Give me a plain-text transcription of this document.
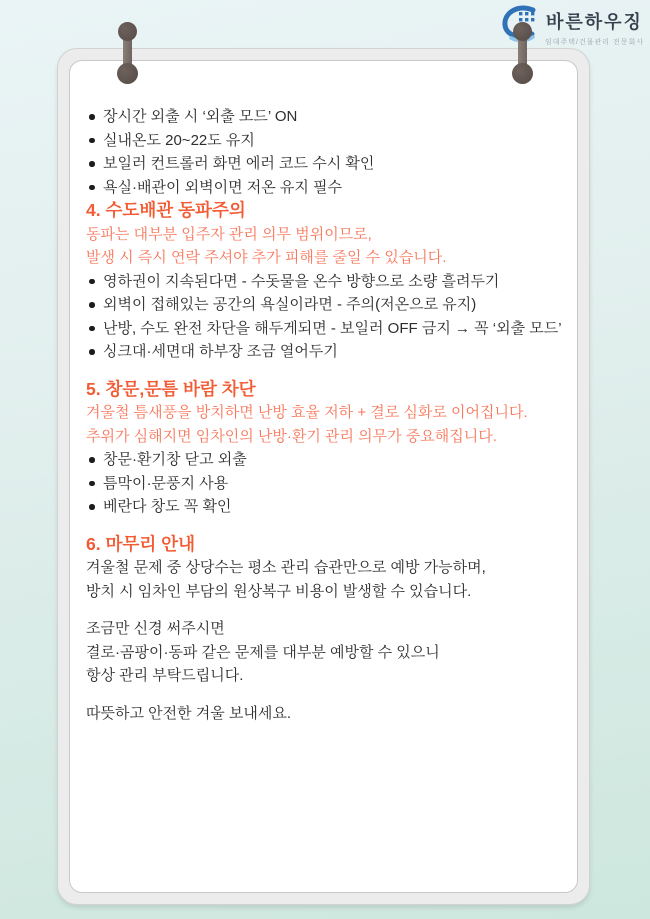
바른하우징
임대주택/건물관리 전문회사
장시간 외출 시 ‘외출 모드’ ON
실내온도 20~22도 유지
보일러 컨트롤러 화면 에러 코드 수시 확인
욕실·배관이 외벽이면 저온 유지 필수
4. 수도배관 동파주의
동파는 대부분 입주자 관리 의무 범위이므로,
발생 시 즉시 연락 주셔야 추가 피해를 줄일 수 있습니다.
영하권이 지속된다면 - 수돗물을 온수 방향으로 소량 흘려두기
외벽이 접해있는 공간의 욕실이라면 - 주의(저온으로 유지)
난방, 수도 완전 차단을 해두게되면 - 보일러 OFF 금지 → 꼭 ‘외출 모드’
싱크대·세면대 하부장 조금 열어두기
5. 창문,문틈 바람 차단
겨울철 틈새풍을 방치하면 난방 효율 저하 + 결로 심화로 이어집니다.
추위가 심해지면 임차인의 난방·환기 관리 의무가 중요해집니다.
창문·환기창 닫고 외출
틈막이·문풍지 사용
베란다 창도 꼭 확인
6. 마무리 안내
겨울철 문제 중 상당수는 평소 관리 습관만으로 예방 가능하며,
방치 시 임차인 부담의 원상복구 비용이 발생할 수 있습니다.
조금만 신경 써주시면
결로·곰팡이·동파 같은 문제를 대부분 예방할 수 있으니
항상 관리 부탁드립니다.
따뜻하고 안전한 겨울 보내세요.
